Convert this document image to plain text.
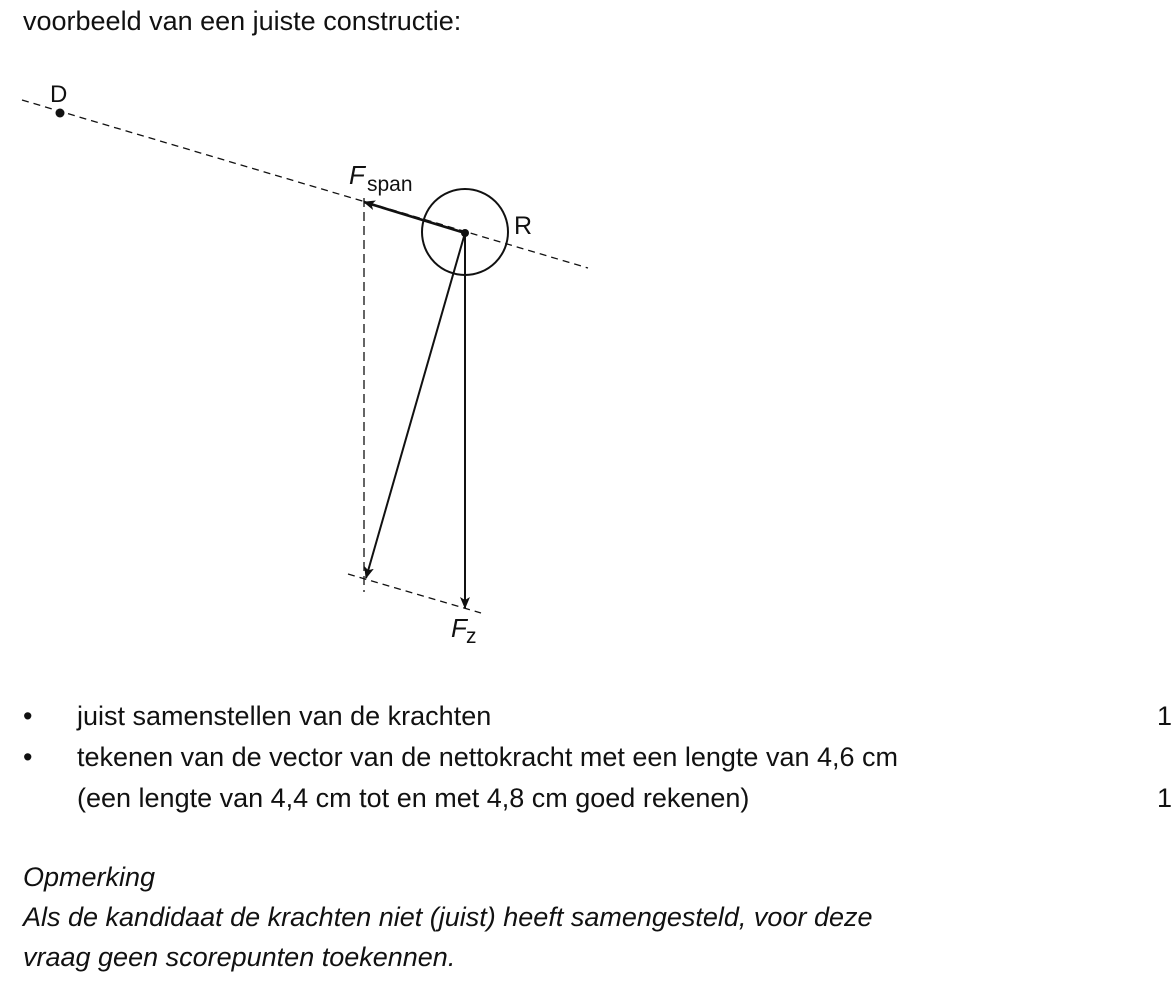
voorbeeld van een juiste constructie:
D
R
F span
F z
• juist samenstellen van de krachten	1
• tekenen van de vector van de nettokracht met een lengte van 4,6 cm
(een lengte van 4,4 cm tot en met 4,8 cm goed rekenen)	1
Opmerking
Als de kandidaat de krachten niet (juist) heeft samengesteld, voor deze
vraag geen scorepunten toekennen.
